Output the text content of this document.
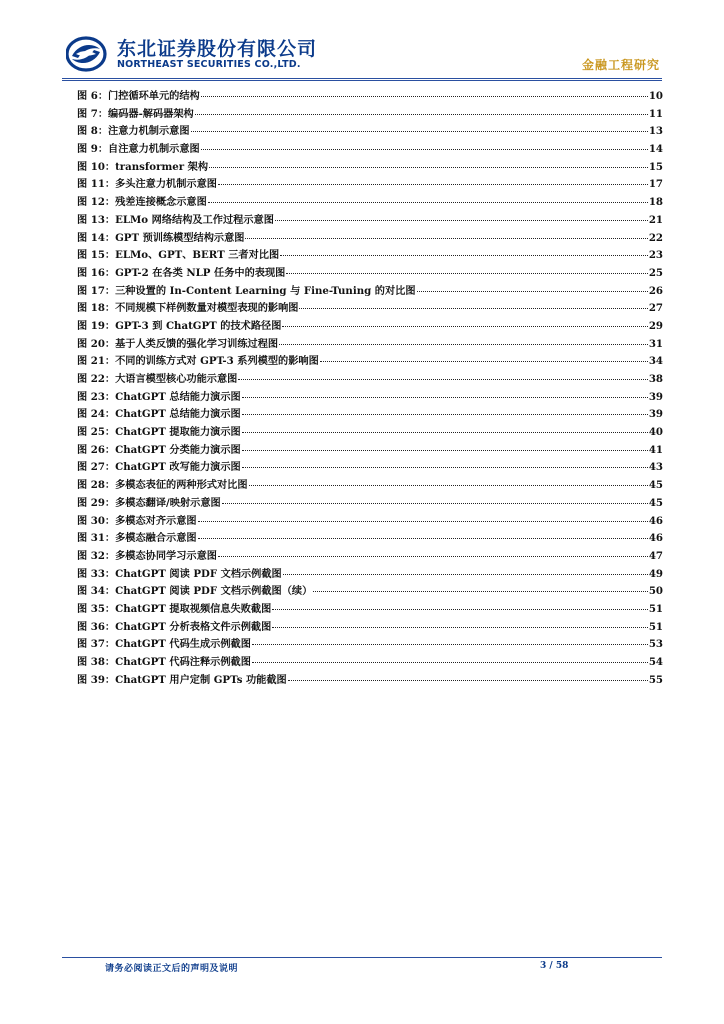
东北证券股份有限公司
NORTHEAST SECURITIES CO.,LTD.	金融工程研究
图 6：门控循环单元的结构	10
图 7：编码器-解码器架构	11
图 8：注意力机制示意图	13
图 9：自注意力机制示意图	14
图 10：transformer 架构	15
图 11：多头注意力机制示意图	17
图 12：残差连接概念示意图	18
图 13：ELMo 网络结构及工作过程示意图	21
图 14：GPT 预训练模型结构示意图	22
图 15：ELMo、GPT、BERT 三者对比图	23
图 16：GPT-2 在各类 NLP 任务中的表现图	25
图 17：三种设置的 In-Content Learning 与 Fine-Tuning 的对比图	26
图 18：不同规模下样例数量对模型表现的影响图	27
图 19：GPT-3 到 ChatGPT 的技术路径图	29
图 20：基于人类反馈的强化学习训练过程图	31
图 21：不同的训练方式对 GPT-3 系列模型的影响图	34
图 22：大语言模型核心功能示意图	38
图 23：ChatGPT 总结能力演示图	39
图 24：ChatGPT 总结能力演示图	39
图 25：ChatGPT 提取能力演示图	40
图 26：ChatGPT 分类能力演示图	41
图 27：ChatGPT 改写能力演示图	43
图 28：多模态表征的两种形式对比图	45
图 29：多模态翻译/映射示意图	45
图 30：多模态对齐示意图	46
图 31：多模态融合示意图	46
图 32：多模态协同学习示意图	47
图 33：ChatGPT 阅读 PDF 文档示例截图	49
图 34：ChatGPT 阅读 PDF 文档示例截图（续）	50
图 35：ChatGPT 提取视频信息失败截图	51
图 36：ChatGPT 分析表格文件示例截图	51
图 37：ChatGPT 代码生成示例截图	53
图 38：ChatGPT 代码注释示例截图	54
图 39：ChatGPT 用户定制 GPTs 功能截图	55
请务必阅读正文后的声明及说明	3 / 58
